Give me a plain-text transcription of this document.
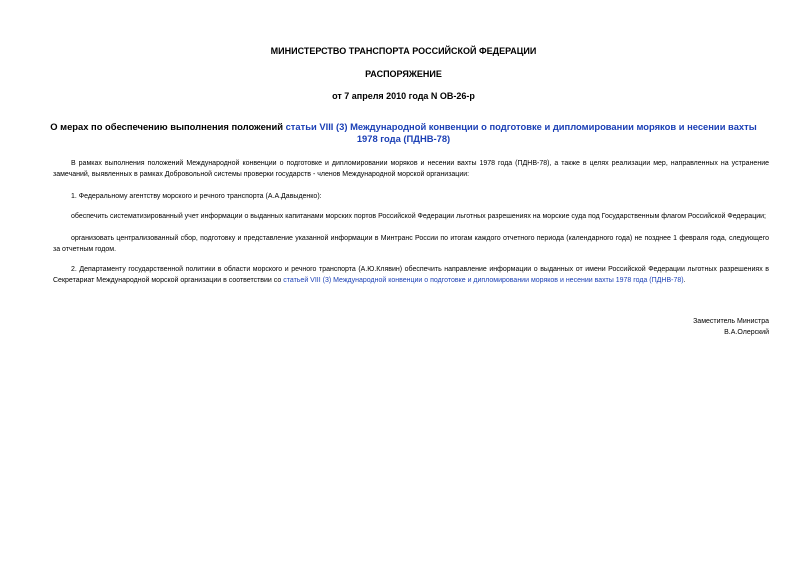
МИНИСТЕРСТВО ТРАНСПОРТА РОССИЙСКОЙ ФЕДЕРАЦИИ
РАСПОРЯЖЕНИЕ
от 7 апреля 2010 года N ОВ-26-р
О мерах по обеспечению выполнения положений статьи VIII (3) Международной конвенции о подготовке и дипломировании моряков и несении вахты 1978 года (ПДНВ-78)
В рамках выполнения положений Международной конвенции о подготовке и дипломировании моряков и несении вахты 1978 года (ПДНВ-78), а также в целях реализации мер, направленных на устранение замечаний, выявленных в рамках Добровольной системы проверки государств - членов Международной морской организации:
1. Федеральному агентству морского и речного транспорта (А.А.Давыденко):
обеспечить систематизированный учет информации о выданных капитанами морских портов Российской Федерации льготных разрешениях на морские суда под Государственным флагом Российской Федерации;
организовать централизованный сбор, подготовку и представление указанной информации в Минтранс России по итогам каждого отчетного периода (календарного года) не позднее 1 февраля года, следующего за отчетным годом.
2. Департаменту государственной политики в области морского и речного транспорта (А.Ю.Клявин) обеспечить направление информации о выданных от имени Российской Федерации льготных разрешениях в Секретариат Международной морской организации в соответствии со статьей VIII (3) Международной конвенции о подготовке и дипломировании моряков и несении вахты 1978 года (ПДНВ-78).
Заместитель Министра
В.А.Олерский
